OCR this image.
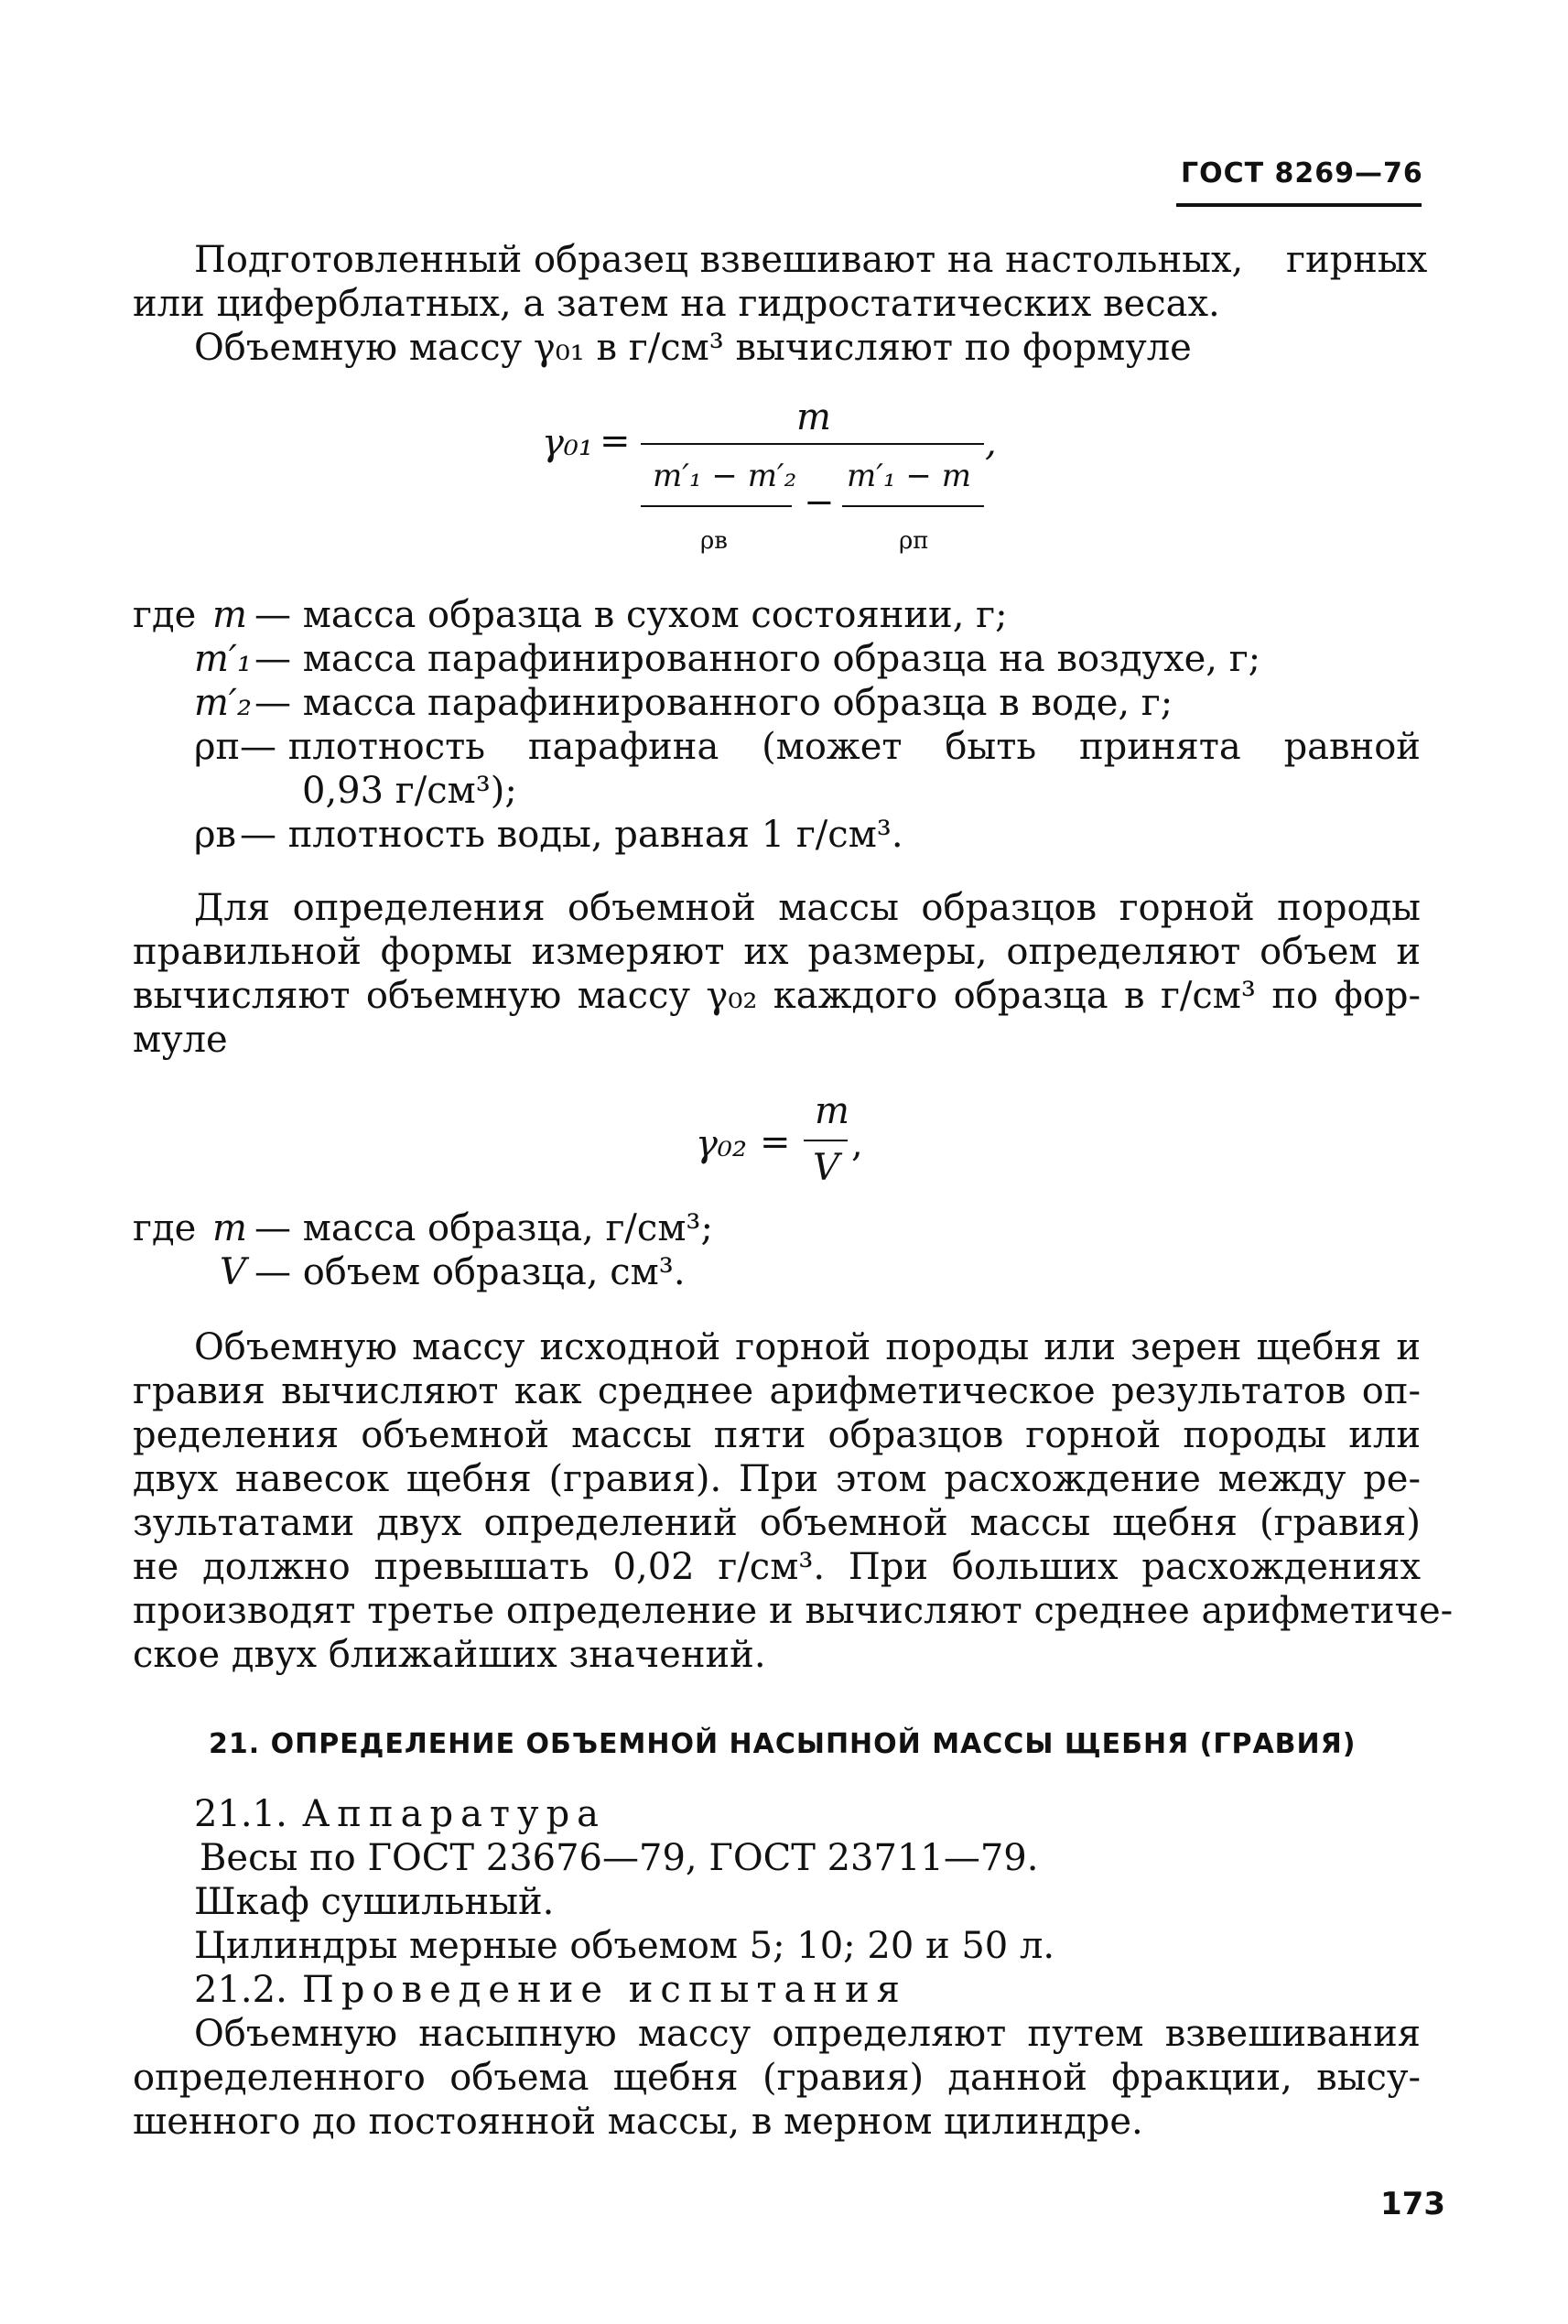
ГОСТ 8269—76
Подготовленный образец взвешивают на настольных, гирных
или циферблатных, а затем на гидростатических весах.
Объемную массу γ₀₁ в г/см³ вычисляют по формуле
γ₀₁ =
m
,
m′₁ − m′₂
−
m′₁ − m
ρв	ρп
где m — масса образца в сухом состоянии, г;
m′₁ — масса парафинированного образца на воздухе, г;
m′₂ — масса парафинированного образца в воде, г;
ρп — плотность парафина (может быть принята равной
0,93 г/см³);
ρв — плотность воды, равная 1 г/см³.
Для определения объемной массы образцов горной породы
правильной формы измеряют их размеры, определяют объем и
вычисляют объемную массу γ₀₂ каждого образца в г/см³ по фор-
муле
γ₀₂ =
m
V
,
где m — масса образца, г/см³;
V — объем образца, см³.
Объемную массу исходной горной породы или зерен щебня и
гравия вычисляют как среднее арифметическое результатов оп-
ределения объемной массы пяти образцов горной породы или
двух навесок щебня (гравия). При этом расхождение между ре-
зультатами двух определений объемной массы щебня (гравия)
не должно превышать 0,02 г/см³. При больших расхождениях
производят третье определение и вычисляют среднее арифметиче-
ское двух ближайших значений.
21. ОПРЕДЕЛЕНИЕ ОБЪЕМНОЙ НАСЫПНОЙ МАССЫ ЩЕБНЯ (ГРАВИЯ)
21.1. Аппаратура
Весы по ГОСТ 23676—79, ГОСТ 23711—79.
Шкаф сушильный.
Цилиндры мерные объемом 5; 10; 20 и 50 л.
21.2. Проведение испытания
Объемную насыпную массу определяют путем взвешивания
определенного объема щебня (гравия) данной фракции, высу-
шенного до постоянной массы, в мерном цилиндре.
173
